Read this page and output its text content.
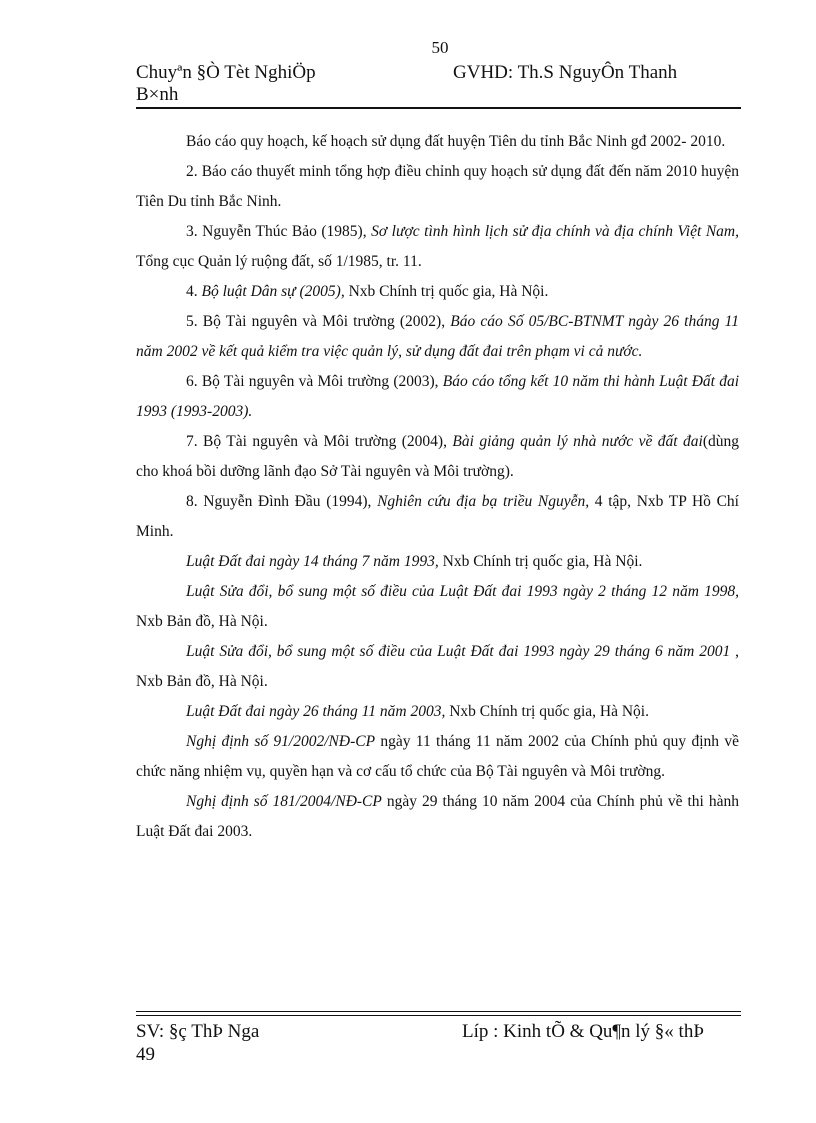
50
Chuyªn §Ò Tèt NghiÖp
B×nh
GVHD: Th.S NguyÔn Thanh

Báo cáo quy hoạch, kế hoạch sử dụng đất huyện Tiên du tỉnh Bắc Ninh gđ 2002- 2010.

2. Báo cáo thuyết minh tổng hợp điều chỉnh quy hoạch sử dụng đất đến năm 2010 huyện Tiên Du tỉnh Bắc Ninh.

3. Nguyễn Thúc Bảo (1985), Sơ lược tình hình lịch sử địa chính và địa chính Việt Nam, Tổng cục Quản lý ruộng đất, số 1/1985, tr. 11.

4. Bộ luật Dân sự (2005), Nxb Chính trị quốc gia, Hà Nội.

5. Bộ Tài nguyên và Môi trường (2002), Báo cáo Số 05/BC-BTNMT ngày 26 tháng 11 năm 2002 về kết quả kiểm tra việc quản lý, sử dụng đất đai trên phạm vi cả nước.

6. Bộ Tài nguyên và Môi trường (2003), Báo cáo tổng kết 10 năm thi hành Luật Đất đai 1993 (1993-2003).

7. Bộ Tài nguyên và Môi trường (2004), Bài giảng quản lý nhà nước về đất đai(dùng cho khoá bồi dưỡng lãnh đạo Sở Tài nguyên và Môi trường).

8. Nguyễn Đình Đầu (1994), Nghiên cứu địa bạ triều Nguyễn, 4 tập, Nxb TP Hồ Chí Minh.

Luật Đất đai ngày 14 tháng 7 năm 1993, Nxb Chính trị quốc gia, Hà Nội.

Luật Sửa đổi, bổ sung một số điều của Luật Đất đai 1993 ngày 2 tháng 12 năm 1998, Nxb Bản đồ, Hà Nội.

Luật Sửa đổi, bổ sung một số điều của Luật Đất đai 1993 ngày 29 tháng 6 năm 2001 , Nxb Bản đồ, Hà Nội.

Luật Đất đai ngày 26 tháng 11 năm 2003, Nxb Chính trị quốc gia, Hà Nội.

Nghị định số 91/2002/NĐ-CP ngày 11 tháng 11 năm 2002 của Chính phủ quy định về chức năng nhiệm vụ, quyền hạn và cơ cấu tổ chức của Bộ Tài nguyên và Môi trường.

Nghị định số 181/2004/NĐ-CP ngày 29 tháng 10 năm 2004 của Chính phủ về thi hành Luật Đất đai 2003.

SV: §ç ThÞ Nga
49
Líp : Kinh tÕ & Qu¶n lý §« thÞ
